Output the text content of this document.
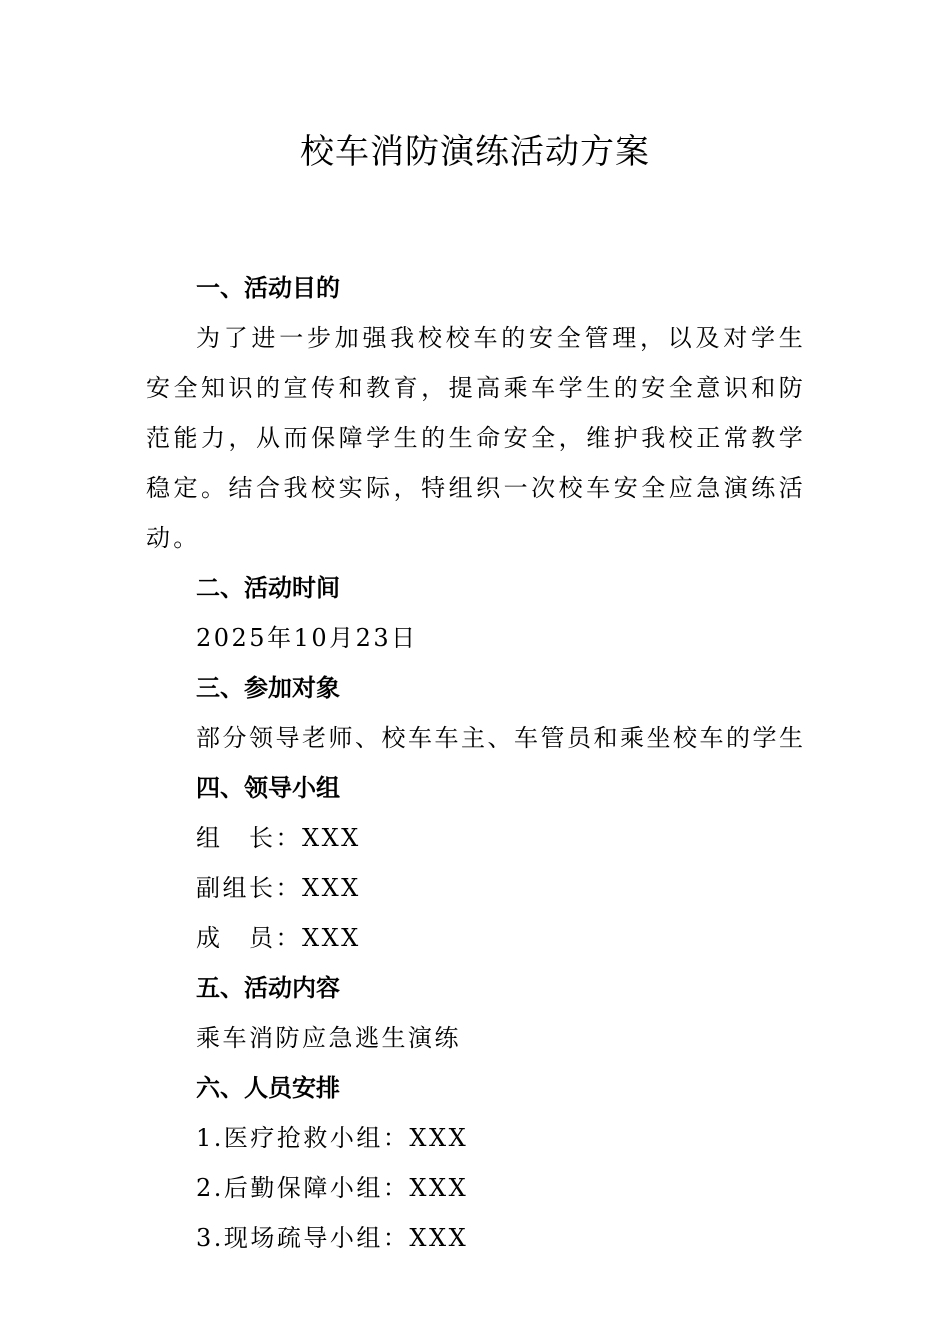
校车消防演练活动方案
一、活动目的

为了进一步加强我校校车的安全管理，以及对学生安全知识的宣传和教育，提高乘车学生的安全意识和防范能力，从而保障学生的生命安全，维护我校正常教学稳定。结合我校实际，特组织一次校车安全应急演练活动。

二、活动时间
2025年10月23日
三、参加对象
部分领导老师、校车车主、车管员和乘坐校车的学生
四、领导小组
组　长：XXX
副组长：XXX
成　员：XXX
五、活动内容
乘车消防应急逃生演练
六、人员安排
1.医疗抢救小组：XXX
2.后勤保障小组：XXX
3.现场疏导小组：XXX
